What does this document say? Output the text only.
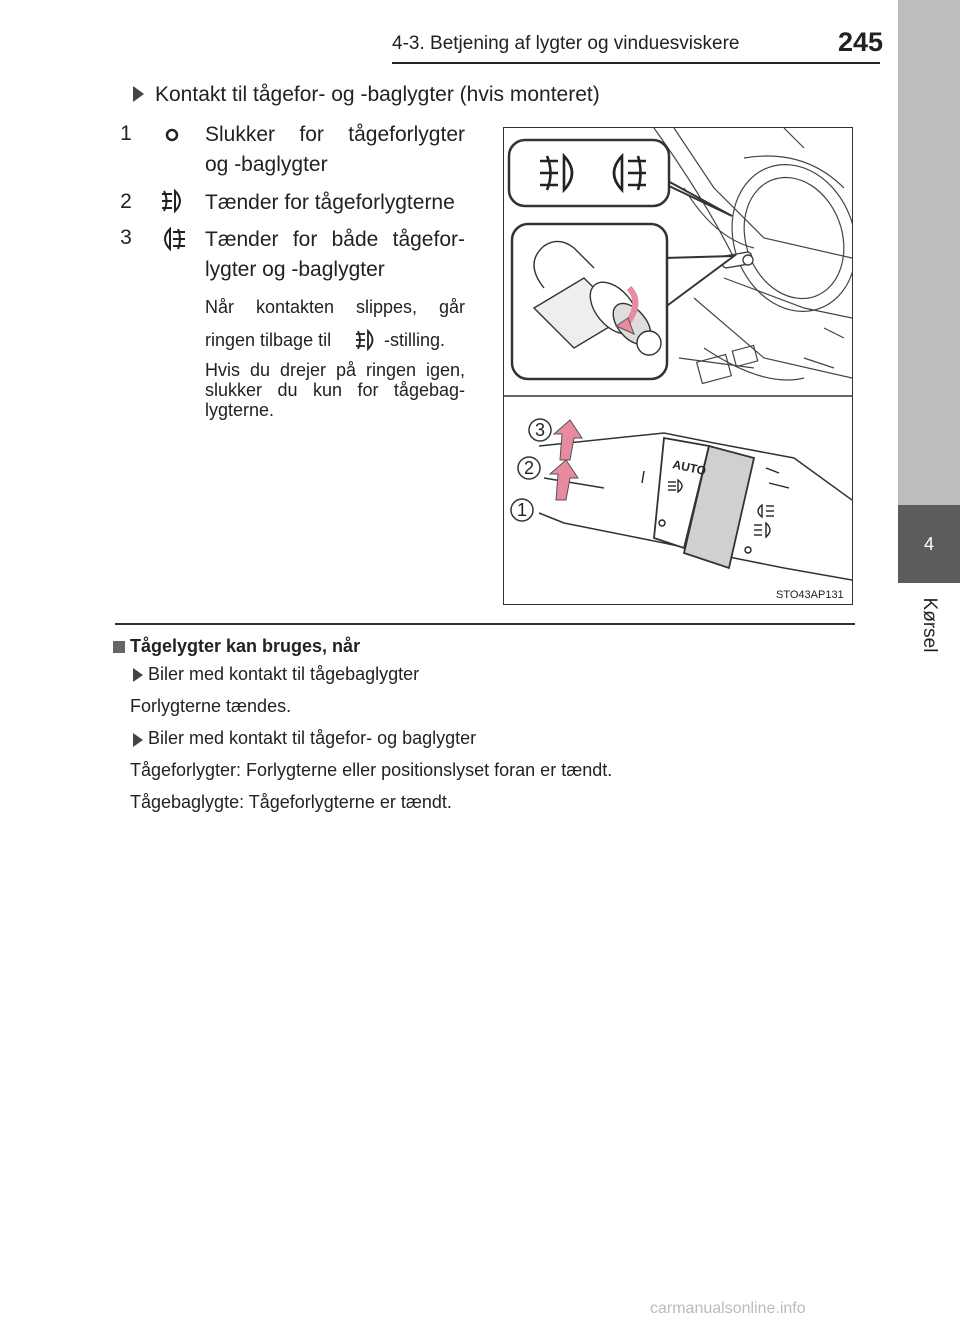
4-3. Betjening af lygter og vinduesviskere	245
4
Kørsel
Kontakt til tågefor- og -baglygter (hvis monteret)
1	Slukker for tågeforlygter
og -baglygter
2	Tænder for tågeforlygterne
3	Tænder for både tågefor-
lygter og -baglygter
Når kontakten slippes, går
ringen tilbage til	-stilling.
Hvis du drejer på ringen igen,
slukker du kun for tågebag-
lygterne.
AUTO
3
2
1
STO43AP131
Tågelygter kan bruges, når
Biler med kontakt til tågebaglygter
Forlygterne tændes.
Biler med kontakt til tågefor- og baglygter
Tågeforlygter: Forlygterne eller positionslyset foran er tændt.
Tågebaglygte: Tågeforlygterne er tændt.
carmanualsonline.info
